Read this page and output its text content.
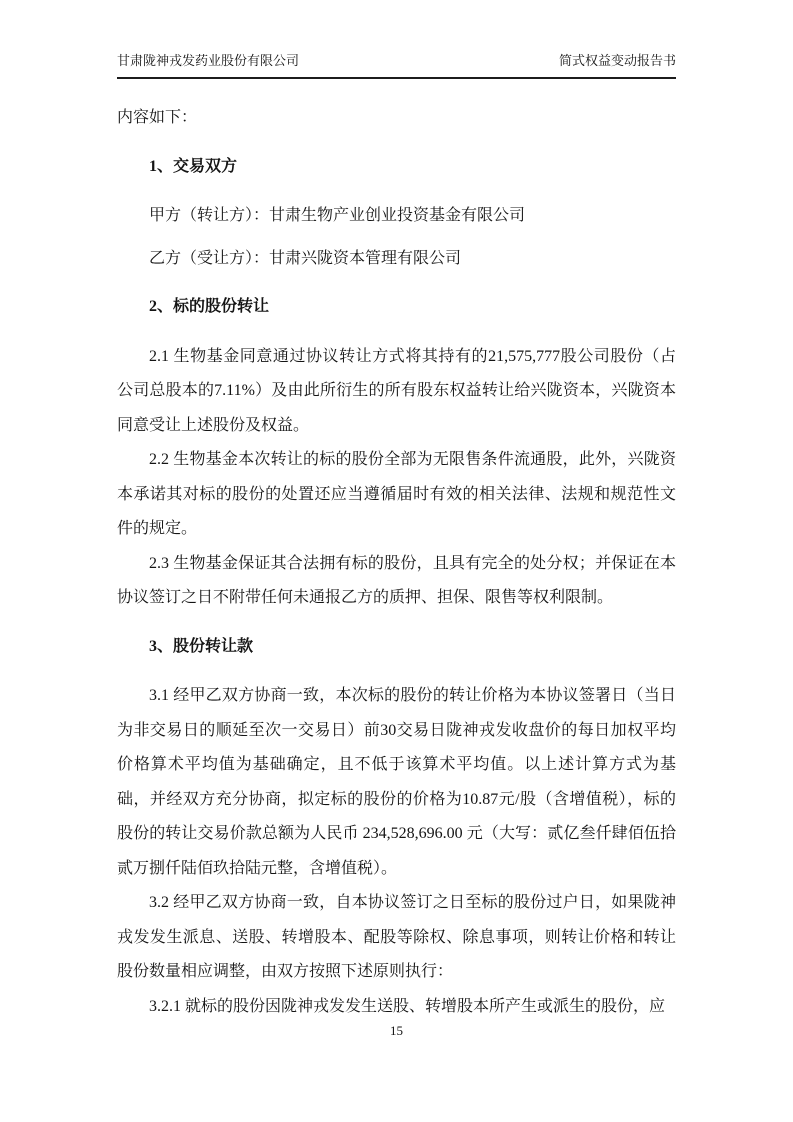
甘肃陇神戎发药业股份有限公司	简式权益变动报告书

内容如下：

1、交易双方

甲方（转让方）：甘肃生物产业创业投资基金有限公司

乙方（受让方）：甘肃兴陇资本管理有限公司

2、标的股份转让

2.1 生物基金同意通过协议转让方式将其持有的21,575,777股公司股份（占公司总股本的7.11%）及由此所衍生的所有股东权益转让给兴陇资本，兴陇资本同意受让上述股份及权益。

2.2 生物基金本次转让的标的股份全部为无限售条件流通股，此外，兴陇资本承诺其对标的股份的处置还应当遵循届时有效的相关法律、法规和规范性文件的规定。

2.3 生物基金保证其合法拥有标的股份，且具有完全的处分权；并保证在本协议签订之日不附带任何未通报乙方的质押、担保、限售等权利限制。

3、股份转让款

3.1 经甲乙双方协商一致，本次标的股份的转让价格为本协议签署日（当日为非交易日的顺延至次一交易日）前30交易日陇神戎发收盘价的每日加权平均价格算术平均值为基础确定，且不低于该算术平均值。以上述计算方式为基础，并经双方充分协商，拟定标的股份的价格为10.87元/股（含增值税），标的股份的转让交易价款总额为人民币 234,528,696.00 元（大写：贰亿叁仟肆佰伍拾贰万捌仟陆佰玖拾陆元整，含增值税）。

3.2 经甲乙双方协商一致，自本协议签订之日至标的股份过户日，如果陇神戎发发生派息、送股、转增股本、配股等除权、除息事项，则转让价格和转让股份数量相应调整，由双方按照下述原则执行：

3.2.1 就标的股份因陇神戎发发生送股、转增股本所产生或派生的股份，应

15
